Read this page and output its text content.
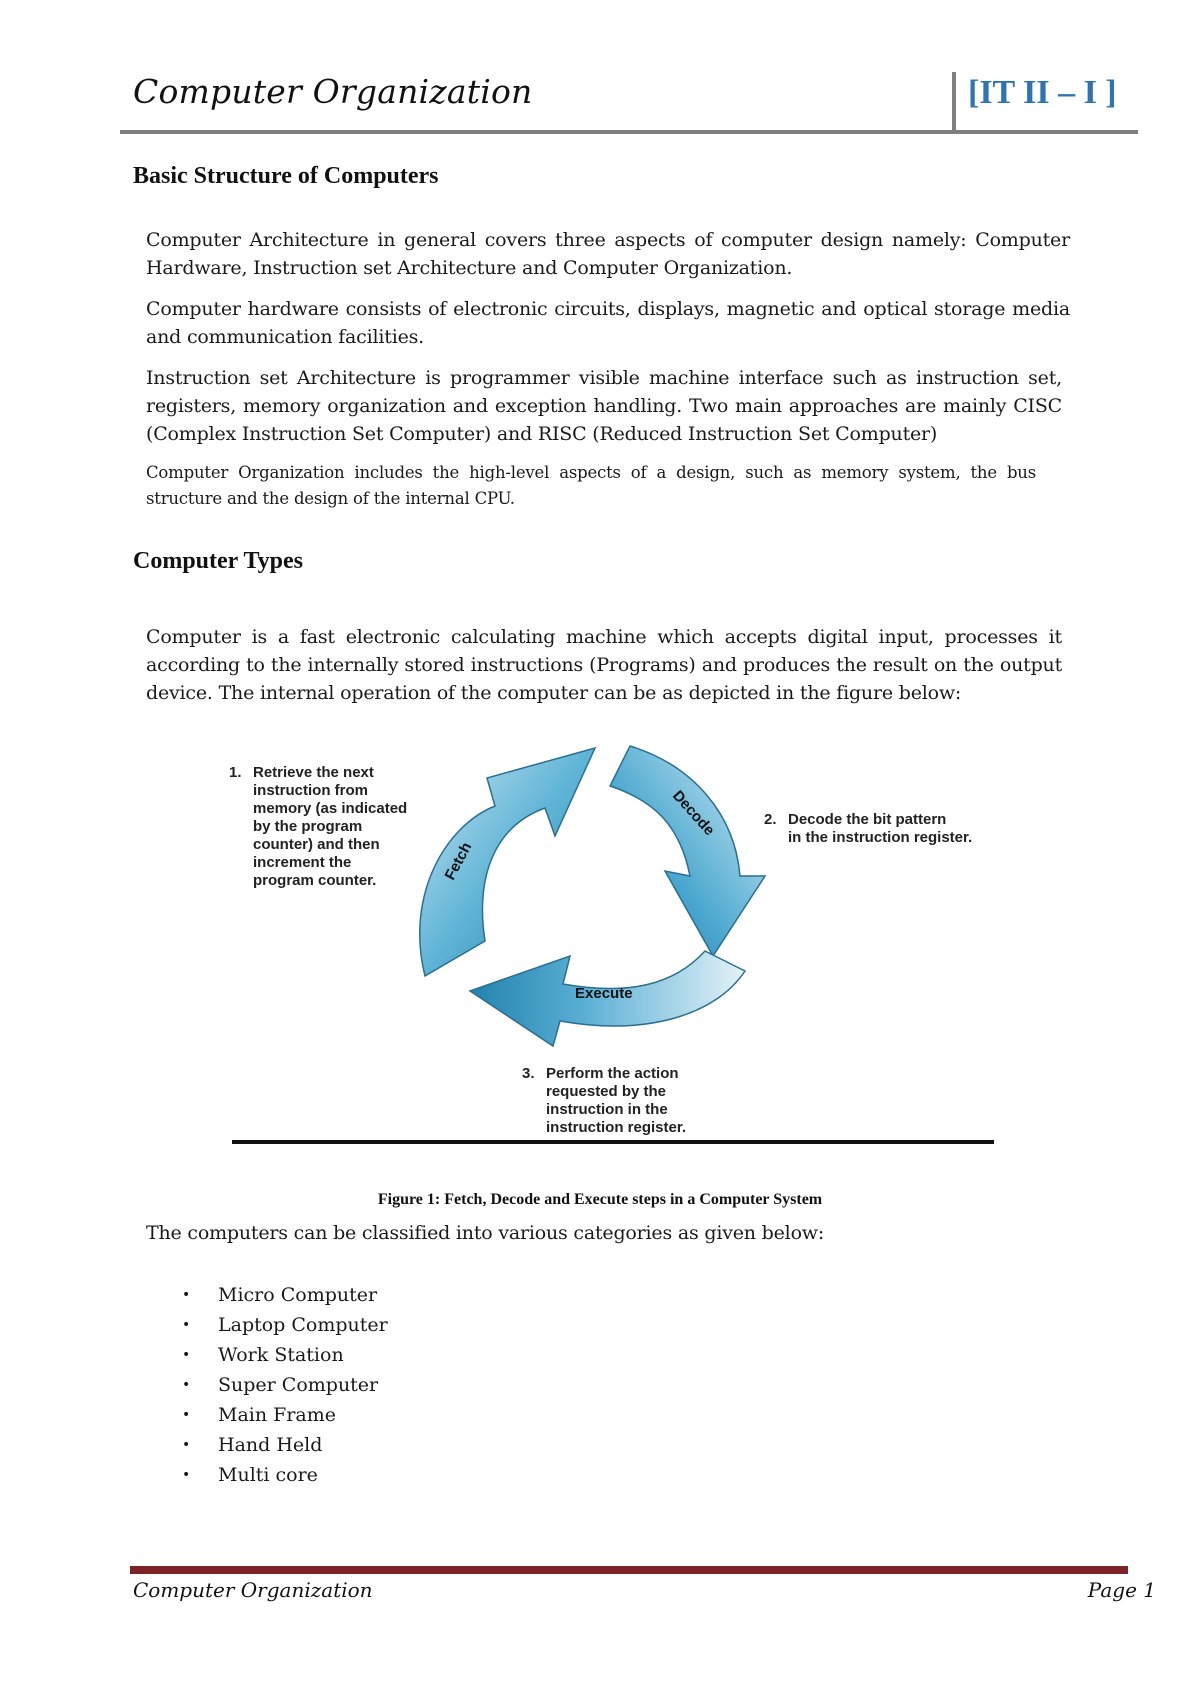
Computer Organization	[IT II – I ]
Basic Structure of Computers

Computer Architecture in general covers three aspects of computer design namely: Computer Hardware, Instruction set Architecture and Computer Organization.

Computer hardware consists of electronic circuits, displays, magnetic and optical storage media and communication facilities.

Instruction set Architecture is programmer visible machine interface such as instruction set, registers, memory organization and exception handling. Two main approaches are mainly CISC (Complex Instruction Set Computer) and RISC (Reduced Instruction Set Computer)

Computer Organization includes the high-level aspects of a design, such as memory system, the bus structure and the design of the internal CPU.

Computer Types

Computer is a fast electronic calculating machine which accepts digital input, processes it according to the internally stored instructions (Programs) and produces the result on the output device. The internal operation of the computer can be as depicted in the figure below:

Fetch
Decode
Execute
1. Retrieve the next
instruction from
memory (as indicated
by the program
counter) and then
increment the
program counter.
2. Decode the bit pattern
in the instruction register.
3. Perform the action
requested by the
instruction in the
instruction register.
Figure 1: Fetch, Decode and Execute steps in a Computer System

The computers can be classified into various categories as given below:

• Micro Computer
• Laptop Computer
• Work Station
• Super Computer
• Main Frame
• Hand Held
• Multi core
Computer Organization	Page 1
